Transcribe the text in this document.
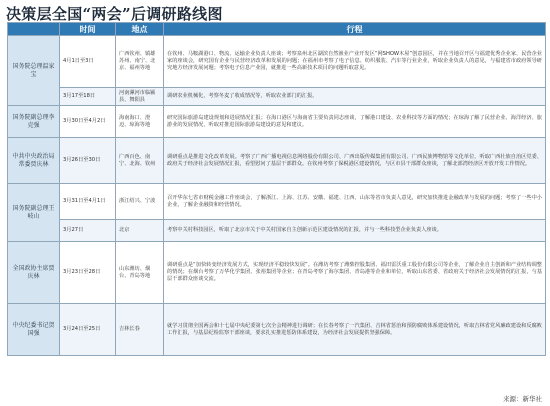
决策层全国“两会”后调研路线图
	时间	地点	行程
国务院总理温家宝	4月1日至3日	广西钦州、镇雄苏州、南宁、北京、福州等地	在钦州、马鞍湖港口、物流、运输企业负责人座谈；考察泉州北区湖滨自然渔业产业开发区“网SHOW木屋”创意园区，并在当地召开区与福建优秀企业家、民营企业家的座谈会，研究国有企业与民营经济改革和发展的问题；在福州市考察了电子信息、纺织服装、汽车等行业企业，听取企业负责人的意见，与福建省市政府领导研究地方经济发展问题；考察电子信息产业园，就推进一些高新技术项目的问题听取意见。
	3月17至18日	河南漯河市临颍县、舞阳县	调研农业机械化，考察冬麦了收成情况等，听取农业部门的汇报。
国务院副总理李克强	3月30日至4月2日	海南海口、澄迈、琼海等地	研究国际旅游岛建设规划和进展情况汇报；在海口港区与海南省主要负责同志座谈，了解港口建设、农业科技等方面的情况；在琼海了解了民营企业、海洋经济、旅游业的发展情况，听取对推进国际旅游岛建设的意见和建议。
中共中央政治局常委贾庆林	3月26日至30日	广西百色、南宁、北海、钦州	调研重点是推进文化改革发展。考察了广西广播电视信息网络股份有限公司、广西出版传媒集团有限公司、广西民族博物馆等文化单位，听取广西壮族自治区党委、政府关于经济社会发展情况汇报，看望慰问了基层干部群众。在钦州考察了保税港区建设情况，与区市县干部群众座谈，了解北部湾经济区开放开发工作情况。
国务院副总理王岐山	3月31日至4月1日	浙江绍兴、宁波	召开华东七省市财税金融工作座谈会，了解浙江、上海、江苏、安徽、福建、江西、山东等省市负责人意见，研究加快推进金融改革与发展的问题；考察了一些中小企业，了解企业融资和经营情况。
	3月27日	北京	考察中关村科技园区，听取了北京市关于中关村国家自主创新示范区建设情况的汇报，并与一些科技型企业负责人座谈。
全国政协主席贾庆林	3月23日至28日	山东潍坊、烟台、青岛等地	调研重点是“加快转变经济发展方式，实现经济平稳较快发展”。在潍坊考察了潍柴控股集团、福田雷沃重工股份有限公司等企业，了解企业自主创新和产业结构调整的情况；在烟台考察了万华化学集团、张裕集团等企业；在青岛考察了海尔集团、青岛港等企业和单位，听取山东省委、省政府关于经济社会发展情况的汇报，与基层干部群众座谈交流。
中央纪委书记贺国强	3月24日至25日	吉林长春	就学习贯彻全国两会和十七届中央纪委第七次全会精神进行调研；在长春考察了一汽集团、吉林省惩治和预防腐败体系建设情况，听取吉林省党风廉政建设和反腐败工作汇报，与基层纪检监察干部座谈，要求扎实推进惩防体系建设，为经济社会发展提供坚强保障。
来源：新华社
